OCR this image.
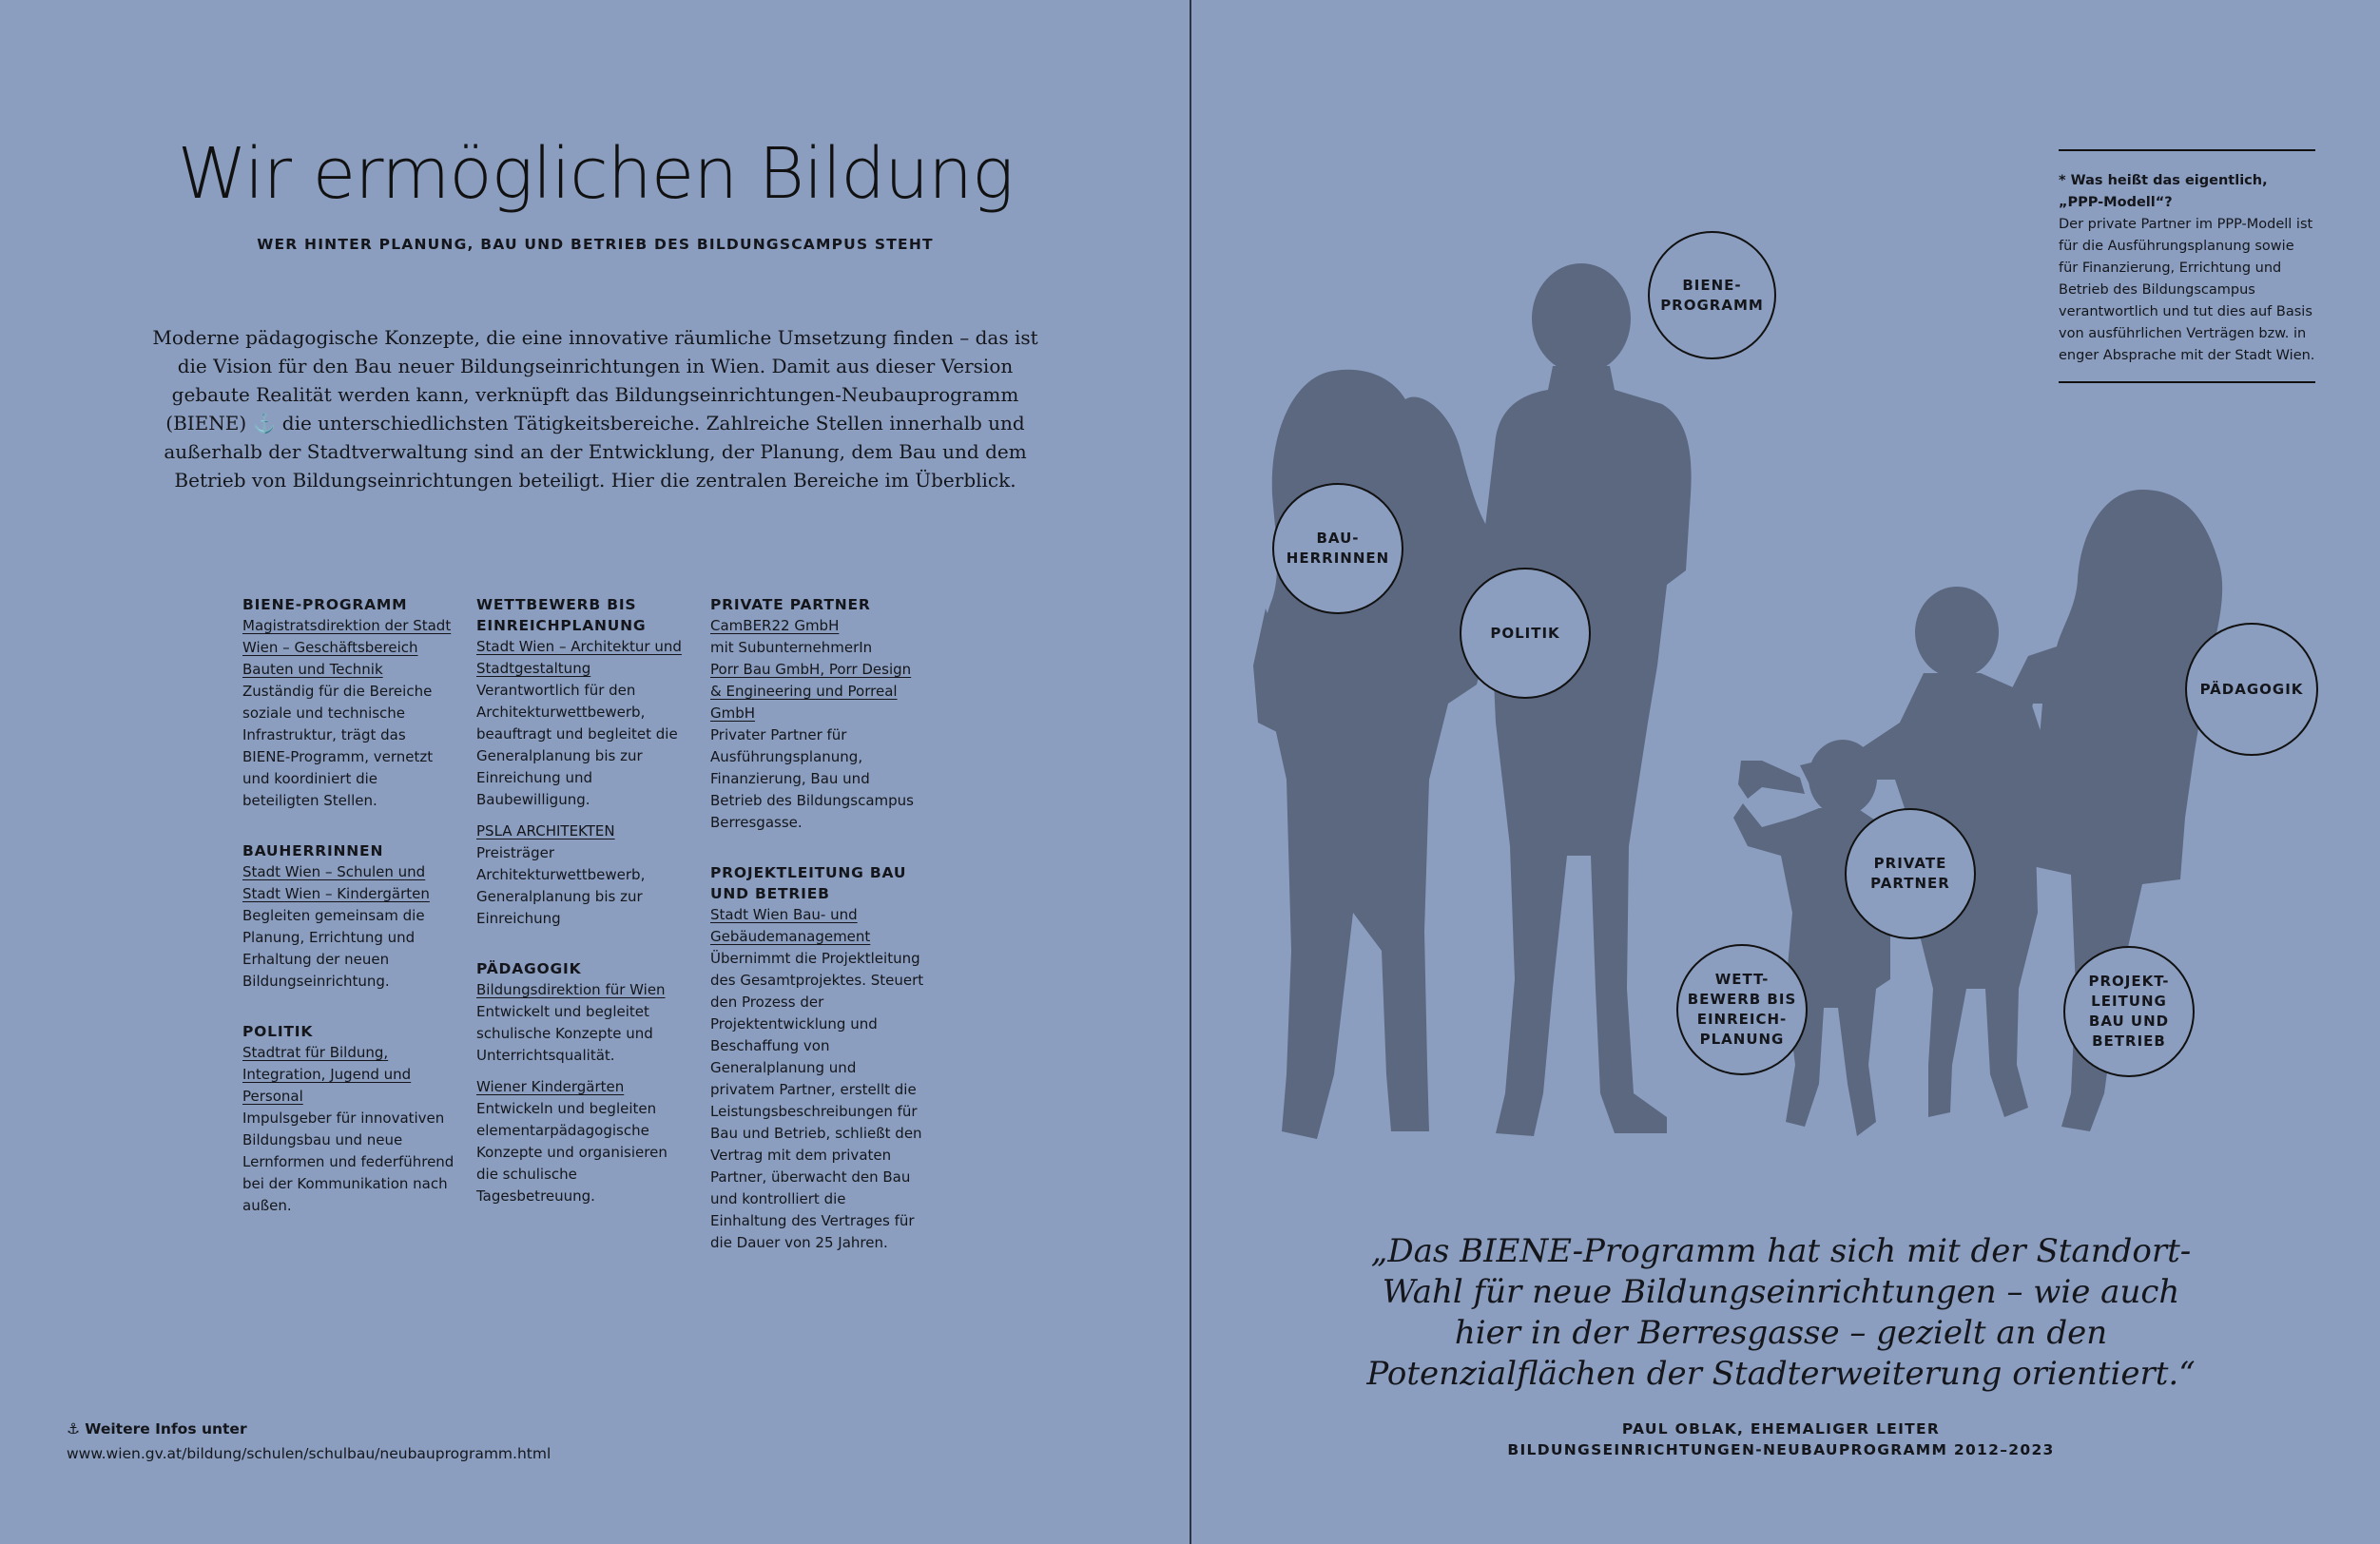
Wir ermöglichen Bildung
WER HINTER PLANUNG, BAU UND BETRIEB DES BILDUNGSCAMPUS STEHT
Moderne pädagogische Konzepte, die eine innovative räumliche Umsetzung finden – das ist die Vision für den Bau neuer Bildungseinrichtungen in Wien. Damit aus dieser Version gebaute Realität werden kann, verknüpft das Bildungseinrichtungen-Neubauprogramm (BIENE) ⚓ die unterschiedlichsten Tätigkeitsbereiche. Zahlreiche Stellen innerhalb und außerhalb der Stadtverwaltung sind an der Entwicklung, der Planung, dem Bau und dem Betrieb von Bildungseinrichtungen beteiligt. Hier die zentralen Bereiche im Überblick.
BIENE-PROGRAMM
Magistratsdirektion der Stadt Wien – Geschäftsbereich Bauten und Technik
Zuständig für die Bereiche soziale und technische Infrastruktur, trägt das BIENE-Programm, vernetzt und koordiniert die beteiligten Stellen.
BAUHERRINNEN
Stadt Wien – Schulen und Stadt Wien – Kindergärten
Begleiten gemeinsam die Planung, Errichtung und Erhaltung der neuen Bildungseinrichtung.
POLITIK
Stadtrat für Bildung, Integration, Jugend und Personal
Impulsgeber für innovativen Bildungsbau und neue Lernformen und federführend bei der Kommunikation nach außen.
WETTBEWERB BIS EINREICHPLANUNG
Stadt Wien – Architektur und Stadtgestaltung
Verantwortlich für den Architekturwettbewerb, beauftragt und begleitet die Generalplanung bis zur Einreichung und Baubewilligung.
PSLA ARCHITEKTEN
Preisträger Architekturwettbewerb, Generalplanung bis zur Einreichung
PÄDAGOGIK
Bildungsdirektion für Wien
Entwickelt und begleitet schulische Konzepte und Unterrichtsqualität.
Wiener Kindergärten
Entwickeln und begleiten elementarpädagogische Konzepte und organisieren die schulische Tagesbetreuung.
PRIVATE PARTNER
CamBER22 GmbH
mit SubunternehmerIn
Porr Bau GmbH, Porr Design & Engineering und Porreal GmbH
Privater Partner für Ausführungsplanung, Finanzierung, Bau und Betrieb des Bildungscampus Berresgasse.
PROJEKTLEITUNG BAU UND BETRIEB
Stadt Wien Bau- und Gebäudemanagement
Übernimmt die Projektleitung des Gesamtprojektes. Steuert den Prozess der Projektentwicklung und Beschaffung von Generalplanung und privatem Partner, erstellt die Leistungsbeschreibungen für Bau und Betrieb, schließt den Vertrag mit dem privaten Partner, überwacht den Bau und kontrolliert die Einhaltung des Vertrages für die Dauer von 25 Jahren.
⚓ Weitere Infos unter
www.wien.gv.at/bildung/schulen/schulbau/neubauprogramm.html
BIENE-
PROGRAMM
BAU-
HERRINNEN
POLITIK
PÄDAGOGIK
PRIVATE
PARTNER
WETT-
BEWERB BIS
EINREICH-
PLANUNG
PROJEKT-
LEITUNG
BAU UND
BETRIEB
* Was heißt das eigentlich, „PPP-Modell“?
Der private Partner im PPP-Modell ist für die Ausführungsplanung sowie für Finanzierung, Errichtung und Betrieb des Bildungscampus verantwortlich und tut dies auf Basis von ausführlichen Verträgen bzw. in enger Absprache mit der Stadt Wien.
„Das BIENE-Programm hat sich mit der Standort-Wahl für neue Bildungseinrichtungen – wie auch hier in der Berresgasse – gezielt an den Potenzialflächen der Stadterweiterung orientiert.“
PAUL OBLAK, EHEMALIGER LEITER
BILDUNGSEINRICHTUNGEN-NEUBAUPROGRAMM 2012–2023
